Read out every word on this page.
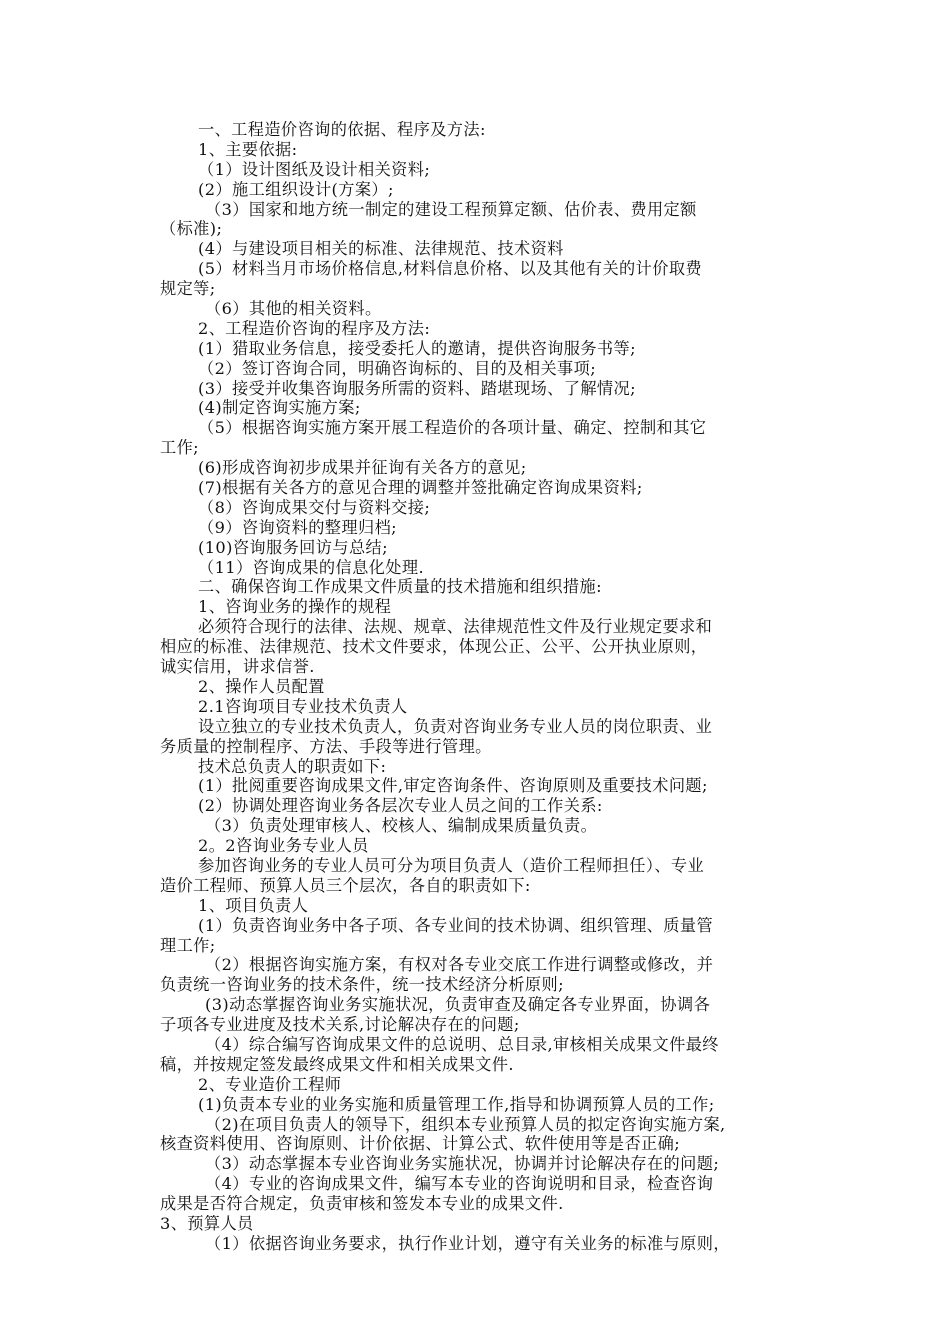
一、工程造价咨询的依据、程序及方法:
1、主要依据:
（1）设计图纸及设计相关资料;
(2）施工组织设计(方案）;
（3）国家和地方统一制定的建设工程预算定额、估价表、费用定额
（标准);
(4）与建设项目相关的标准、法律规范、技术资料
(5）材料当月市场价格信息,材料信息价格、以及其他有关的计价取费
规定等;
（6）其他的相关资料。
2、工程造价咨询的程序及方法:
(1）猎取业务信息，接受委托人的邀请，提供咨询服务书等;
（2）签订咨询合同，明确咨询标的、目的及相关事项;
(3）接受并收集咨询服务所需的资料、踏堪现场、了解情况;
(4)制定咨询实施方案;
（5）根据咨询实施方案开展工程造价的各项计量、确定、控制和其它
工作;
(6)形成咨询初步成果并征询有关各方的意见;
(7)根据有关各方的意见合理的调整并签批确定咨询成果资料;
（8）咨询成果交付与资料交接;
（9）咨询资料的整理归档;
(10)咨询服务回访与总结;
（11）咨询成果的信息化处理.
二、确保咨询工作成果文件质量的技术措施和组织措施:
1、咨询业务的操作的规程
必须符合现行的法律、法规、规章、法律规范性文件及行业规定要求和
相应的标准、法律规范、技术文件要求，体现公正、公平、公开执业原则，
诚实信用，讲求信誉.
2、操作人员配置
2.1咨询项目专业技术负责人
设立独立的专业技术负责人，负责对咨询业务专业人员的岗位职责、业
务质量的控制程序、方法、手段等进行管理。
技术总负责人的职责如下:
(1）批阅重要咨询成果文件,审定咨询条件、咨询原则及重要技术问题;
(2）协调处理咨询业务各层次专业人员之间的工作关系:
（3）负责处理审核人、校核人、编制成果质量负责。
2。2咨询业务专业人员
参加咨询业务的专业人员可分为项目负责人（造价工程师担任）、专业
造价工程师、预算人员三个层次，各自的职责如下:
1、项目负责人
(1）负责咨询业务中各子项、各专业间的技术协调、组织管理、质量管
理工作;
（2）根据咨询实施方案，有权对各专业交底工作进行调整或修改，并
负责统一咨询业务的技术条件，统一技术经济分析原则;
(3)动态掌握咨询业务实施状况，负责审查及确定各专业界面，协调各
子项各专业进度及技术关系,讨论解决存在的问题;
（4）综合编写咨询成果文件的总说明、总目录,审核相关成果文件最终
稿，并按规定签发最终成果文件和相关成果文件.
2、专业造价工程师
(1)负责本专业的业务实施和质量管理工作,指导和协调预算人员的工作;
（2)在项目负责人的领导下，组织本专业预算人员的拟定咨询实施方案,
核查资料使用、咨询原则、计价依据、计算公式、软件使用等是否正确;
（3）动态掌握本专业咨询业务实施状况，协调并讨论解决存在的问题;
（4）专业的咨询成果文件，编写本专业的咨询说明和目录，检查咨询
成果是否符合规定，负责审核和签发本专业的成果文件.
3、预算人员
（1）依据咨询业务要求，执行作业计划，遵守有关业务的标准与原则，
